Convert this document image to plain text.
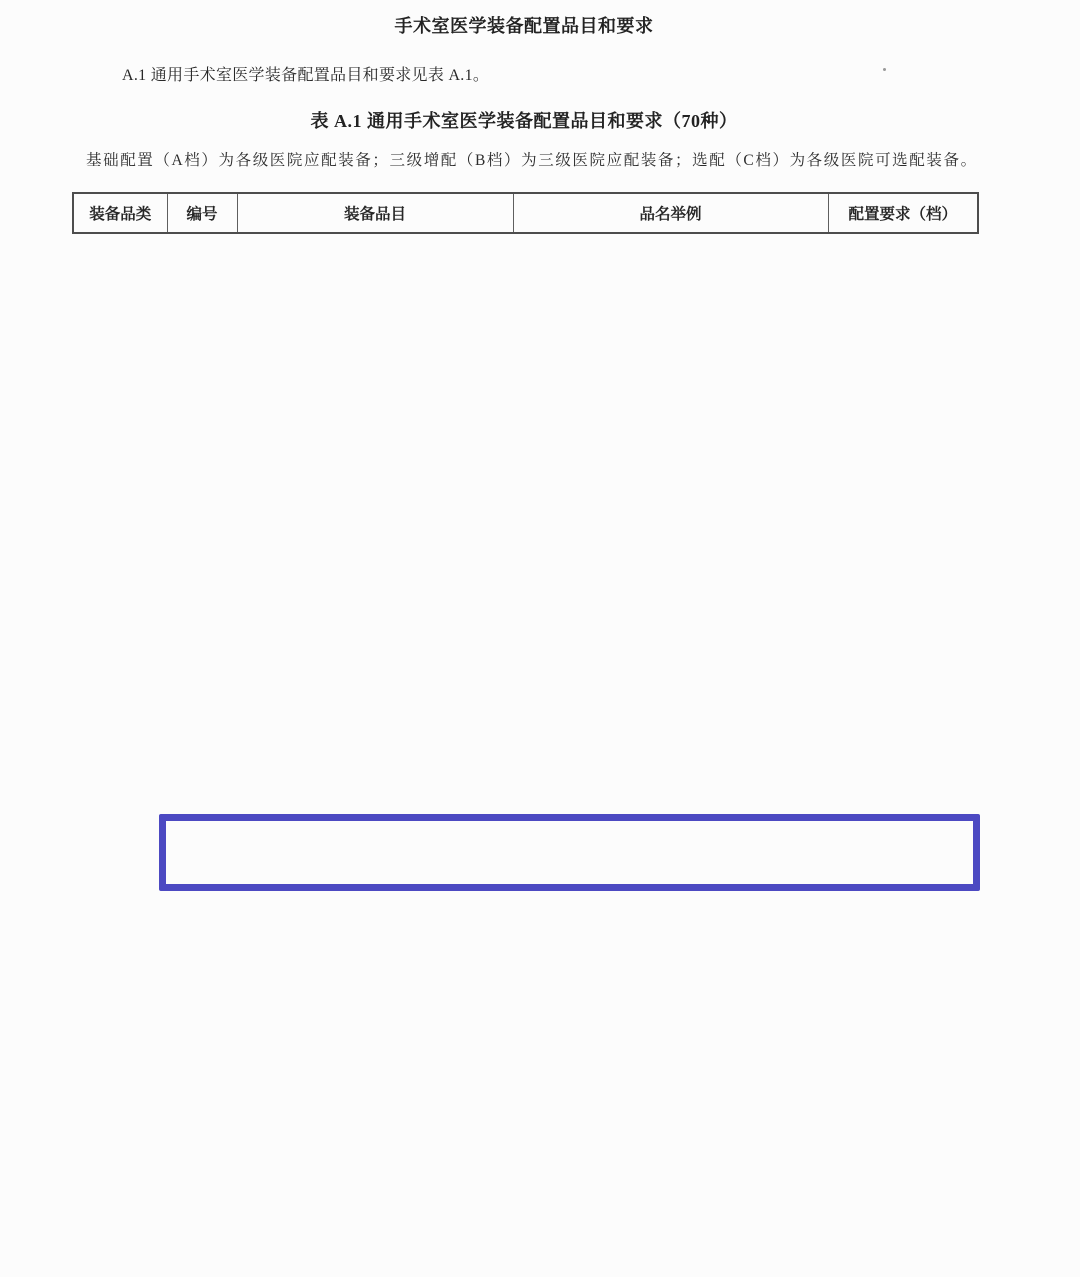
手术室医学装备配置品目和要求
A.1 通用手术室医学装备配置品目和要求见表 A.1。
表 A.1 通用手术室医学装备配置品目和要求（70种）
基础配置（A档）为各级医院应配装备；三级增配（B档）为三级医院应配装备；选配（C档）为各级医院可选配装备。
装备品类	编号	装备品目	品名举例	配置要求（档）
